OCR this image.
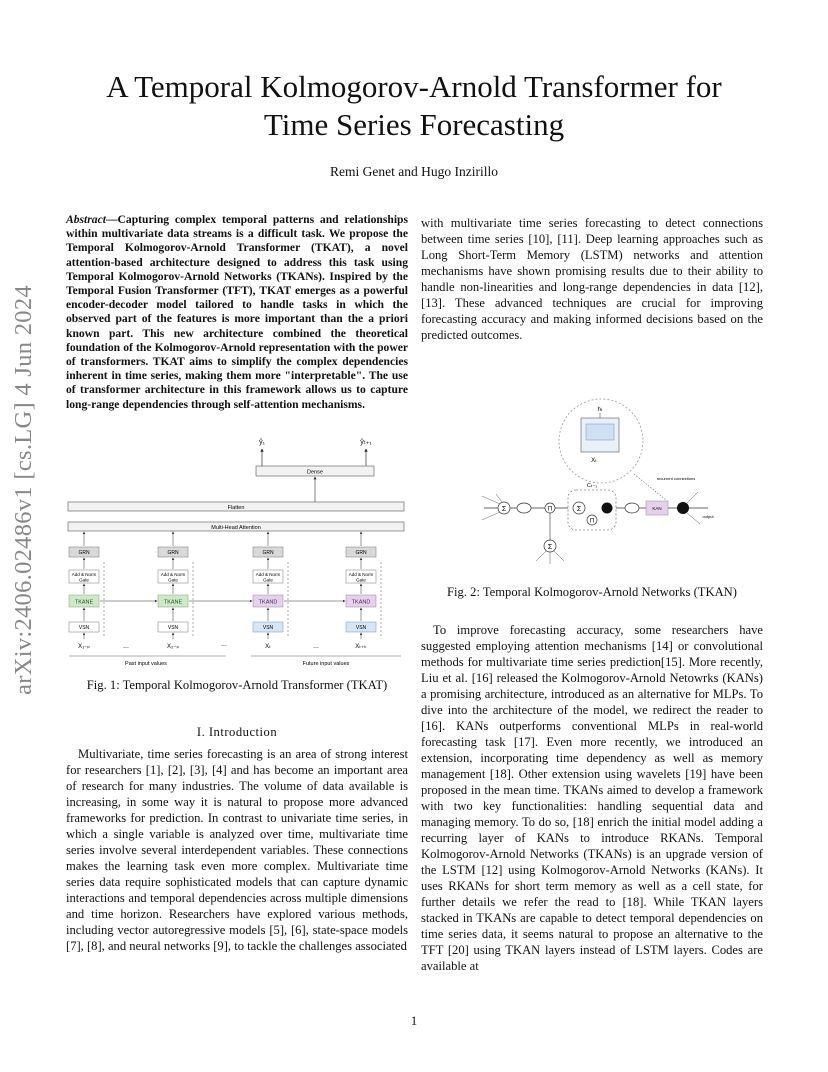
A Temporal Kolmogorov-Arnold Transformer for
Time Series Forecasting
Remi Genet and Hugo Inzirillo
arXiv:2406.02486v1 [cs.LG] 4 Jun 2024
Abstract—Capturing complex temporal patterns and relationships within multivariate data streams is a difficult task. We propose the Temporal Kolmogorov-Arnold Transformer (TKAT), a novel attention-based architecture designed to address this task using Temporal Kolmogorov-Arnold Networks (TKANs). Inspired by the Temporal Fusion Transformer (TFT), TKAT emerges as a powerful encoder-decoder model tailored to handle tasks in which the observed part of the features is more important than the a priori known part. This new architecture combined the theoretical foundation of the Kolmogorov-Arnold representation with the power of transformers. TKAT aims to simplify the complex dependencies inherent in time series, making them more "interpretable". The use of transformer architecture in this framework allows us to capture long-range dependencies through self-attention mechanisms.
with multivariate time series forecasting to detect connections between time series [10], [11]. Deep learning approaches such as Long Short-Term Memory (LSTM) networks and attention mechanisms have shown promising results due to their ability to handle non-linearities and long-range dependencies in data [12], [13]. These advanced techniques are crucial for improving forecasting accuracy and making informed decisions based on the predicted outcomes.
ŷ₁	ŷₜ₊₁
Dense
Flatten
Multi-Head Attention
GRN
Add & Norm
Gate
TKANE
VSN
X₁₋ₚ
GRN
Add & Norm
Gate
TKANE
VSN
X₂₋ₚ
GRN
Add & Norm
Gate
TKAND
VSN
Xₜ
GRN
Add & Norm
Gate
TKAND
VSN
Xₜ₊ₖ
...	...	...
Past input values	Future input values
Fig. 1: Temporal Kolmogorov-Arnold Transformer (TKAT)
I. Introduction
Multivariate, time series forecasting is an area of strong interest for researchers [1], [2], [3], [4] and has become an important area of research for many industries. The volume of data available is increasing, in some way it is natural to propose more advanced frameworks for prediction. In contrast to univariate time series, in which a single variable is analyzed over time, multivariate time series involve several interdependent variables. These connections makes the learning task even more complex. Multivariate time series data require sophisticated models that can capture dynamic interactions and temporal dependencies across multiple dimensions and time horizon. Researchers have explored various methods, including vector autoregressive models [5], [6], state-space models [7], [8], and neural networks [9], to tackle the challenges associated
hₜ
Xₜ
Σ	Π
Cₜ₋₁
Σ
Π
KAN
recurrent connections
output
Σ
Fig. 2: Temporal Kolmogorov-Arnold Networks (TKAN)
To improve forecasting accuracy, some researchers have suggested employing attention mechanisms [14] or convolutional methods for multivariate time series prediction[15]. More recently, Liu et al. [16] released the Kolmogorov-Arnold Netowrks (KANs) a promising architecture, introduced as an alternative for MLPs. To dive into the architecture of the model, we redirect the reader to [16]. KANs outperforms conventional MLPs in real-world forecasting task [17]. Even more recently, we introduced an extension, incorporating time dependency as well as memory management [18]. Other extension using wavelets [19] have been proposed in the mean time. TKANs aimed to develop a framework with two key functionalities: handling sequential data and managing memory. To do so, [18] enrich the initial model adding a recurring layer of KANs to introduce RKANs. Temporal Kolmogorov-Arnold Networks (TKANs) is an upgrade version of the LSTM [12] using Kolmogorov-Arnold Networks (KANs). It uses RKANs for short term memory as well as a cell state, for further details we refer the read to [18]. While TKAN layers stacked in TKANs are capable to detect temporal dependencies on time series data, it seems natural to propose an alternative to the TFT [20] using TKAN layers instead of LSTM layers. Codes are available at
1
